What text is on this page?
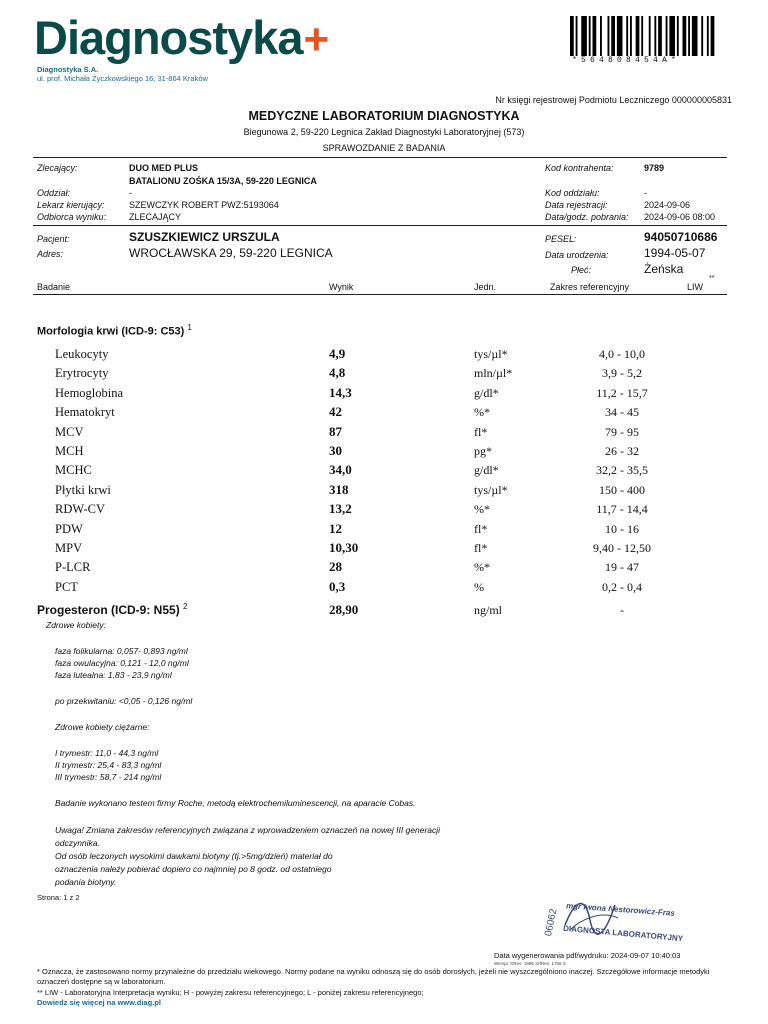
Diagnostyka+
Diagnostyka S.A.
ul. prof. Michała Życzkowskiego 16, 31-864 Kraków
*564808454A*
Nr księgi rejestrowej Podmiotu Leczniczego 000000005831
MEDYCZNE LABORATORIUM DIAGNOSTYKA
Biegunowa 2, 59-220 Legnica Zakład Diagnostyki Laboratoryjnej (573)
SPRAWOZDANIE Z BADANIA
Zlecający:	DUO MED PLUS
BATALIONU ZOŚKA 15/3A, 59-220 LEGNICA
Oddział:	-
Lekarz kierujący:	SZEWCZYK ROBERT PWZ:5193064
Odbiorca wyniku:	ZLECAJĄCY
Kod kontrahenta:	9789
Kod oddziału:	-
Data rejestracji:	2024-09-06
Data/godz. pobrania: 2024-09-06 08:00
Pacjent:	SZUSZKIEWICZ URSZULA
Adres:	WROCŁAWSKA 29, 59-220 LEGNICA
PESEL:	94050710686
Data urodzenia:	1994-05-07
Płeć:	Żeńska
Badanie	Wynik	Jedn.	Zakres referencyjny	LIW
**
Morfologia krwi (ICD-9: C53) $^1$
Leukocyty	4,9	tys/µl*	4,0 - 10,0
Erytrocyty	4,8	mln/µl*	3,9 - 5,2
Hemoglobina	14,3	g/dl*	11,2 - 15,7
Hematokryt	42	%*	34 - 45
MCV	87	fl*	79 - 95
MCH	30	pg*	26 - 32
MCHC	34,0	g/dl*	32,2 - 35,5
Płytki krwi	318	tys/µl*	150 - 400
RDW-CV	13,2	%*	11,7 - 14,4
PDW	12	fl*	10 - 16
MPV	10,30	fl*	9,40 - 12,50
P-LCR	28	%*	19 - 47
PCT	0,3	%	0,2 - 0,4
Progesteron (ICD-9: N55) $^2$	28,90	ng/ml	-
Zdrowe kobiety:
faza folikularna: 0,057- 0,893 ng/ml
faza owulacyjna: 0,121 - 12,0 ng/ml
faza lutealna: 1,83 - 23,9 ng/ml
po przekwitaniu: <0,05 - 0,126 ng/ml
Zdrowe kobiety ciężarne:
I trymestr: 11,0 - 44,3 ng/ml
II trymestr: 25,4 - 83,3 ng/ml
III trymestr: 58,7 - 214 ng/ml
Badanie wykonano testem firmy Roche, metodą elektrochemiluminescencji, na aparacie Cobas.
Uwaga! Zmiana zakresów referencyjnych związana z wprowadzeniem oznaczeń na nowej III generacji
odczynnika.
Od osób leczonych wysokimi dawkami biotyny (tj.>5mg/dzień) materiał do
oznaczenia należy pobierać dopiero co najmniej po 8 godz. od ostatniego
podania biotyny.
Strona: 1 z 2
06062 mgr Iwona Nestorowicz-Fras
DIAGNOSTA LABORATORYJNY
Data wygenerowania pdf/wydruku: 2024-09-07 10:40:03
Wersja: SRev: 1896 SrfRev: 1756 S
* Oznacza, że zastosowano normy przynależne do przedziału wiekowego. Normy podane na wyniku odnoszą się do osób dorosłych, jeżeli nie wyszczególniono inaczej. Szczegółowe informacje metodyki
oznaczeń dostępne są w laboratorium.
** LIW - Laboratoryjna Interpretacja wyniku; H - powyżej zakresu referencyjnego; L - poniżej zakresu referencyjnego;
Dowiedz się więcej na www.diag.pl
